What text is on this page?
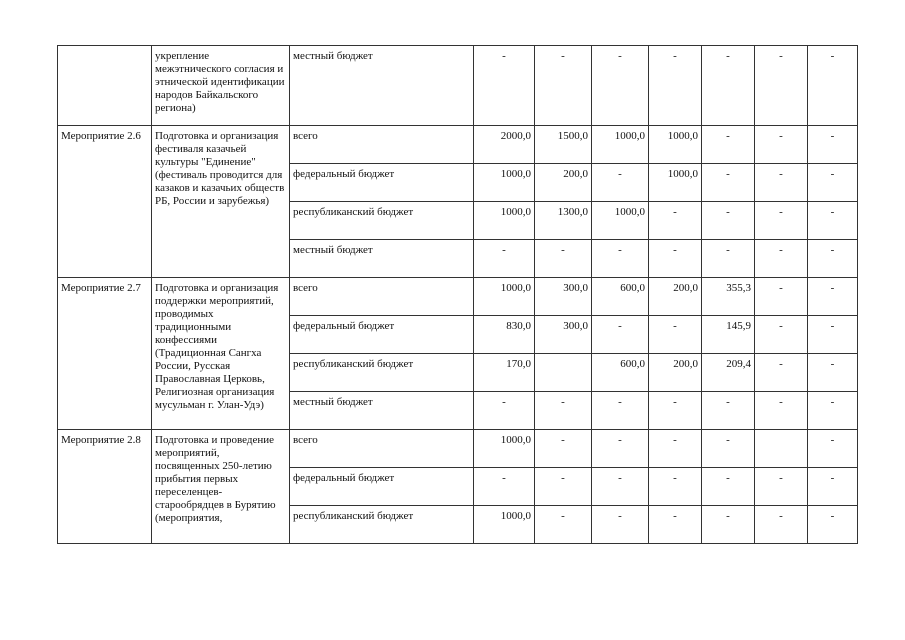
	укрепление межэтнического согласия и этнической идентификации народов Байкальского региона)	местный бюджет	-	-	-	-	-	-	-
Мероприятие 2.6	Подготовка и организация фестиваля казачьей культуры "Единение" (фестиваль проводится для казаков и казачьих обществ РБ, России и зарубежья)	всего	2000,0	1500,0	1000,0	1000,0	-	-	-
		федеральный бюджет	1000,0	200,0	-	1000,0	-	-	-
		республиканский бюджет	1000,0	1300,0	1000,0	-	-	-	-
		местный бюджет	-	-	-	-	-	-	-
Мероприятие 2.7	Подготовка и организация поддержки мероприятий, проводимых традиционными конфессиями (Традиционная Сангха России, Русская Православная Церковь, Религиозная организация мусульман г. Улан-Удэ)	всего	1000,0	300,0	600,0	200,0	355,3	-	-
		федеральный бюджет	830,0	300,0	-	-	145,9	-	-
		республиканский бюджет	170,0		600,0	200,0	209,4	-	-
		местный бюджет	-	-	-	-	-	-	-
Мероприятие 2.8	Подготовка и проведение мероприятий, посвященных 250-летию прибытия первых переселенцев-старообрядцев в Бурятию (мероприятия,	всего	1000,0	-	-	-	-		-
		федеральный бюджет	-	-	-	-	-	-	-
		республиканский бюджет	1000,0	-	-	-	-	-	-
